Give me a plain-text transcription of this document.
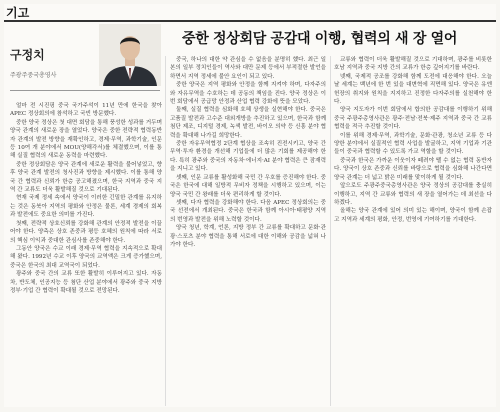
기고
구정치
주광주중국총영사
중한 정상회담 공감대 이행, 협력의 새 장 열어

얼마 전 시진핑 중국 국가주석이 11년 만에 한국을 찾아 APEC 정상회의에 참석하고 국빈 방문했다.

중한 양국 정상은 첫 대면 회담을 통해 풍성한 성과를 거두며 양국 관계의 새로운 장을 열었다. 양국은 중한 전략적 협력동반자 관계의 발전 방향을 재확인하고, 경제·무역, 과학기술, 인문 등 10여 개 분야에서 MOU(양해각서)를 체결했으며, 이를 통해 실질 협력의 새로운 동력을 마련했다.

중한 정상회담은 양국 관계에 새로운 활력을 불어넣었고, 향후 양국 관계 발전의 청사진과 방향을 제시했다. 이를 통해 양국 간 협력과 신뢰가 한층 공고해졌으며, 한국 지역과 중국 지역 간 교류도 더욱 활발해질 것으로 기대된다.

현재 국제 정세 속에서 양국이 이러한 긴밀한 관계를 유지하는 것은 동북아 지역의 평화와 안정은 물론, 세계 경제의 회복과 발전에도 중요한 의미를 가진다.

첫째, 전략적 상호신뢰를 강화해 관계의 안정적 발전을 이끌어야 한다. 양측은 상호 존중과 평등 호혜의 원칙에 따라 서로의 핵심 이익과 중대한 관심사를 존중해야 한다.

그동안 양국은 수교 이래 경제·무역 협력을 지속적으로 확대해 왔다. 1992년 수교 이후 양국의 교역액은 크게 증가했으며, 중국은 한국의 최대 교역국이 되었다.

광주와 중국 간의 교류 또한 활발히 이루어지고 있다. 자동차, 반도체, 인공지능 등 첨단 산업 분야에서 광주와 중국 지방 정부·기업 간 협력이 확대될 것으로 전망된다.

중국, 하나의 대한 약 관심을 수 없음을 분명히 했다. 최근 일본의 일부 정치인들이 역사와 대만 문제 등에서 부적절한 발언을 하면서 지역 정세에 불안 요인이 되고 있다.

중한 양국은 지역 평화와 안정을 함께 지켜야 하며, 다자주의와 자유무역을 수호하는 데 공동의 책임을 진다. 양국 정상은 이번 회담에서 공급망 안정과 산업 협력 강화에 뜻을 모았다.

둘째, 실질 협력을 심화해 호혜 상생을 실현해야 한다. 중국은 고품질 발전과 고수준 대외개방을 추진하고 있으며, 한국과 함께 첨단 제조, 디지털 경제, 녹색 발전, 바이오 의약 등 신흥 분야 협력을 확대해 나가길 희망한다.

중한 자유무역협정 2단계 협상을 조속히 진전시키고, 양국 간 무역·투자 환경을 개선해 기업들에 더 많은 기회를 제공해야 한다. 특히 광주와 중국의 자동차·에너지·AI 분야 협력은 큰 잠재력을 지니고 있다.

셋째, 인문 교류를 활성화해 국민 간 우호를 증진해야 한다. 중국은 한국에 대해 일방적 무비자 정책을 시행하고 있으며, 이는 양국 국민 간 왕래를 더욱 편리하게 할 것이다.

셋째, 다자 협력을 강화해야 한다. 다음 APEC 정상회의는 중국 선전에서 개최된다. 중국은 한국과 함께 아시아·태평양 지역의 번영과 발전을 위해 노력할 것이다.

양국 청년, 학계, 언론, 지방 정부 간 교류를 확대하고 문화·관광·스포츠 분야 협력을 통해 서로에 대한 이해와 공감을 넓혀 나가야 한다.

교류와 협력이 더욱 활발해질 것으로 기대하며, 광주를 비롯한 호남 지역과 중국 지방 간의 교류가 한층 깊어지기를 바란다.

넷째, 국제적 공조를 강화해 함께 도전에 대응해야 한다. 오늘날 세계는 백년에 한 번 있을 대변혁에 직면해 있다. 양국은 유엔 헌장의 취지와 원칙을 지지하고 진정한 다자주의를 실천해야 한다.

양국 지도자가 이번 회담에서 합의한 공감대를 이행하기 위해 중국 주광주총영사관은 광주·전남·전북·제주 지역과 중국 간 교류 협력을 적극 추진할 것이다.

이를 위해 경제·무역, 과학기술, 문화·관광, 청소년 교류 등 다양한 분야에서 실질적인 협력 사업을 발굴하고, 지역 기업과 기관들이 중국과 협력할 수 있도록 가교 역할을 할 것이다.

중국과 한국은 가까운 이웃이자 떼려야 뗄 수 없는 협력 동반자다. 양국이 상호 존중과 신뢰를 바탕으로 협력을 심화해 나간다면 양국 관계는 더 넓고 밝은 미래를 맞이하게 될 것이다.

앞으로도 주광주중국총영사관은 양국 정상의 공감대를 충실히 이행하고, 지역 간 교류와 협력의 새 장을 열어가는 데 최선을 다하겠다.

올해는 양국 관계에 있어 의미 있는 해이며, 양국이 함께 손잡고 지역과 세계의 평화, 안정, 번영에 기여하기를 기대한다.
